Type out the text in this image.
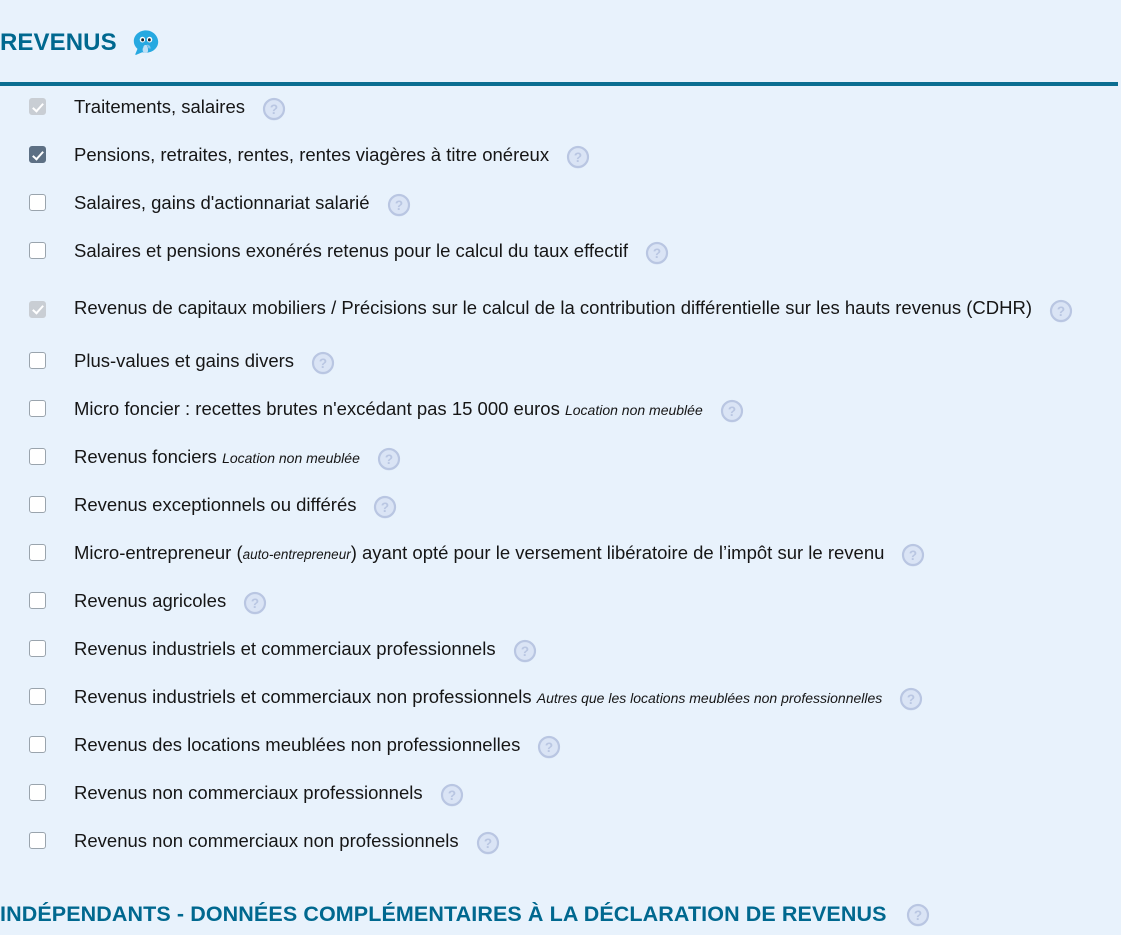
REVENUS
Traitements, salaires ?
Pensions, retraites, rentes, rentes viagères à titre onéreux ?
Salaires, gains d'actionnariat salarié ?
Salaires et pensions exonérés retenus pour le calcul du taux effectif ?
Revenus de capitaux mobiliers / Précisions sur le calcul de la contribution différentielle sur les hauts revenus (CDHR) ?
Plus-values et gains divers ?
Micro foncier : recettes brutes n'excédant pas 15 000 euros Location non meublée ?
Revenus fonciers Location non meublée ?
Revenus exceptionnels ou différés ?
Micro-entrepreneur (auto-entrepreneur) ayant opté pour le versement libératoire de l’impôt sur le revenu ?
Revenus agricoles ?
Revenus industriels et commerciaux professionnels ?
Revenus industriels et commerciaux non professionnels Autres que les locations meublées non professionnelles ?
Revenus des locations meublées non professionnelles ?
Revenus non commerciaux professionnels ?
Revenus non commerciaux non professionnels ?
INDÉPENDANTS - DONNÉES COMPLÉMENTAIRES À LA DÉCLARATION DE REVENUS ?
